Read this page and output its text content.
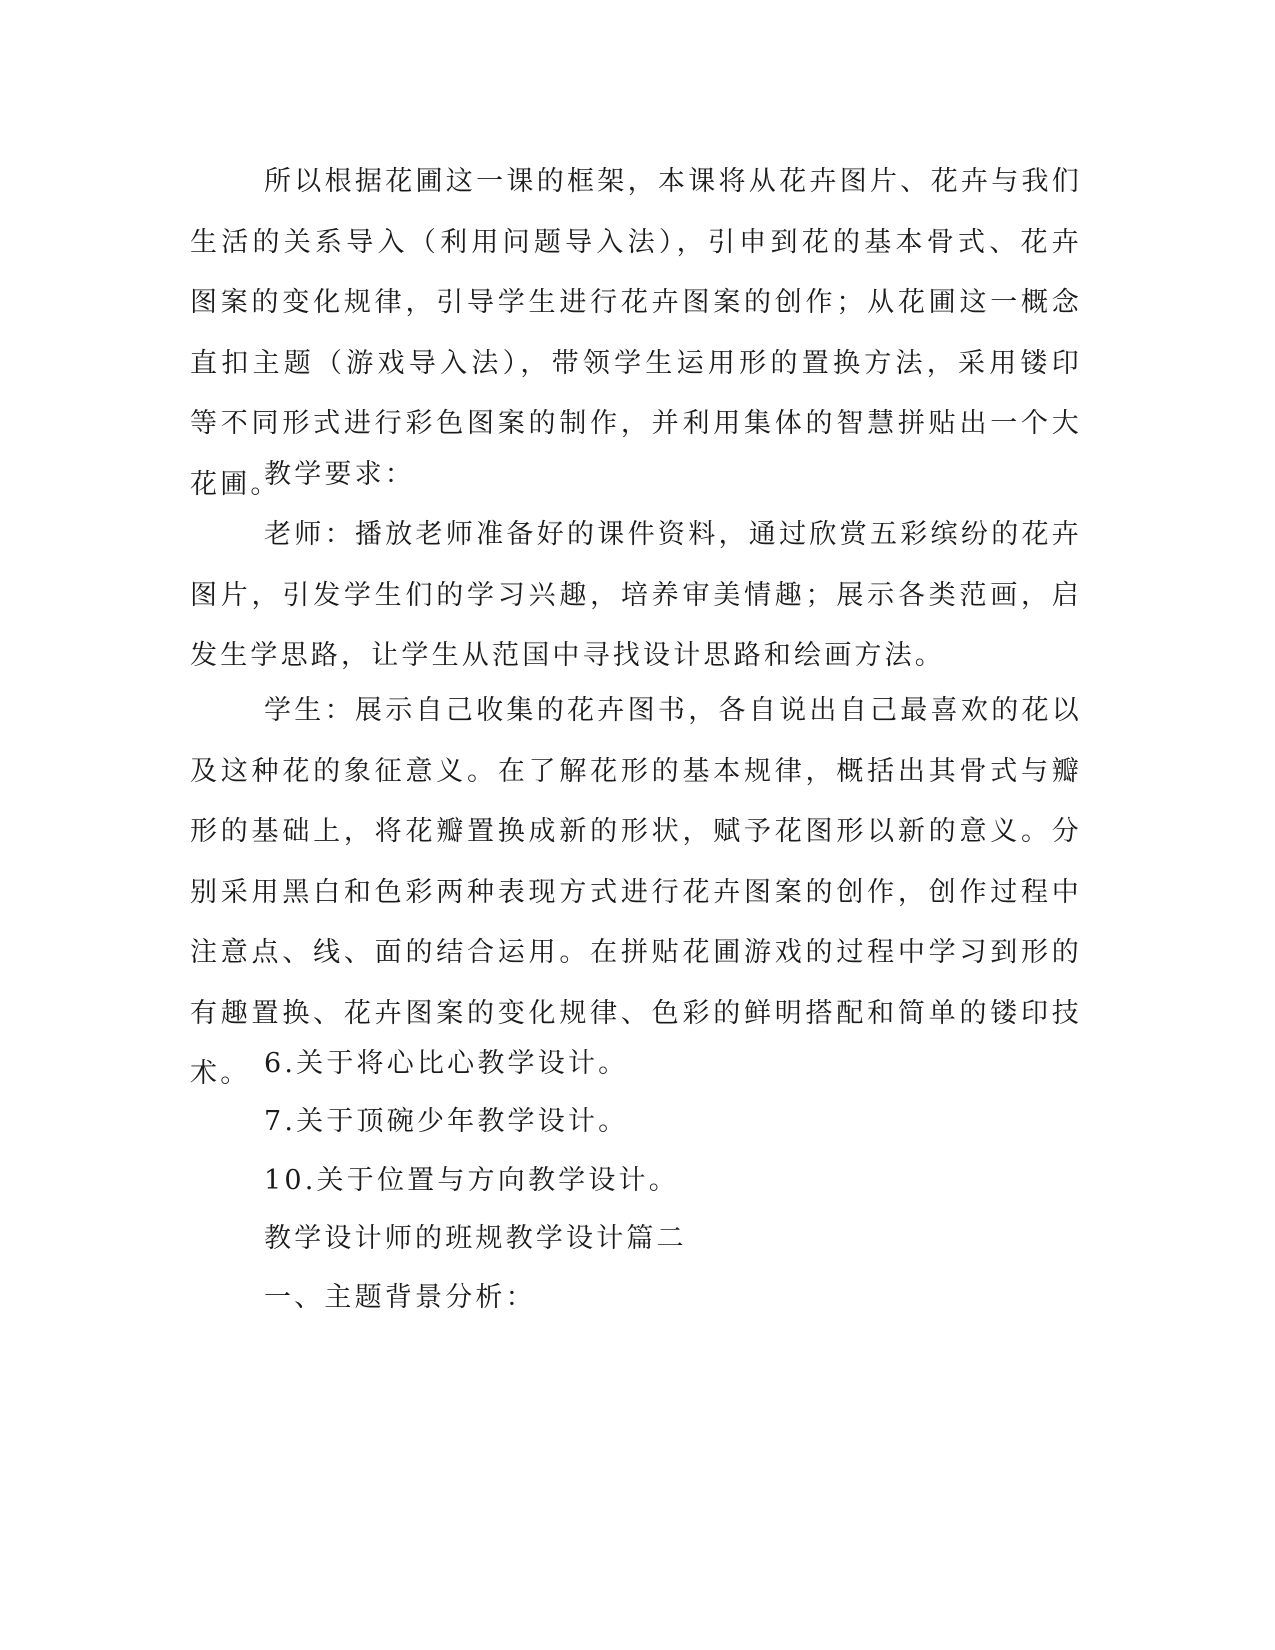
所以根据花圃这一课的框架，本课将从花卉图片、花卉与我们生活的关系导入（利用问题导入法），引申到花的基本骨式、花卉图案的变化规律，引导学生进行花卉图案的创作；从花圃这一概念直扣主题（游戏导入法），带领学生运用形的置换方法，采用镂印等不同形式进行彩色图案的制作，并利用集体的智慧拼贴出一个大花圃。

教学要求：

老师：播放老师准备好的课件资料，通过欣赏五彩缤纷的花卉图片，引发学生们的学习兴趣，培养审美情趣；展示各类范画，启发生学思路，让学生从范国中寻找设计思路和绘画方法。

学生：展示自己收集的花卉图书，各自说出自己最喜欢的花以及这种花的象征意义。在了解花形的基本规律，概括出其骨式与瓣形的基础上，将花瓣置换成新的形状，赋予花图形以新的意义。分别采用黑白和色彩两种表现方式进行花卉图案的创作，创作过程中注意点、线、面的结合运用。在拼贴花圃游戏的过程中学习到形的有趣置换、花卉图案的变化规律、色彩的鲜明搭配和简单的镂印技术。 6.关于将心比心教学设计。

7.关于顶碗少年教学设计。

10.关于位置与方向教学设计。

教学设计师的班规教学设计篇二

一、主题背景分析：
